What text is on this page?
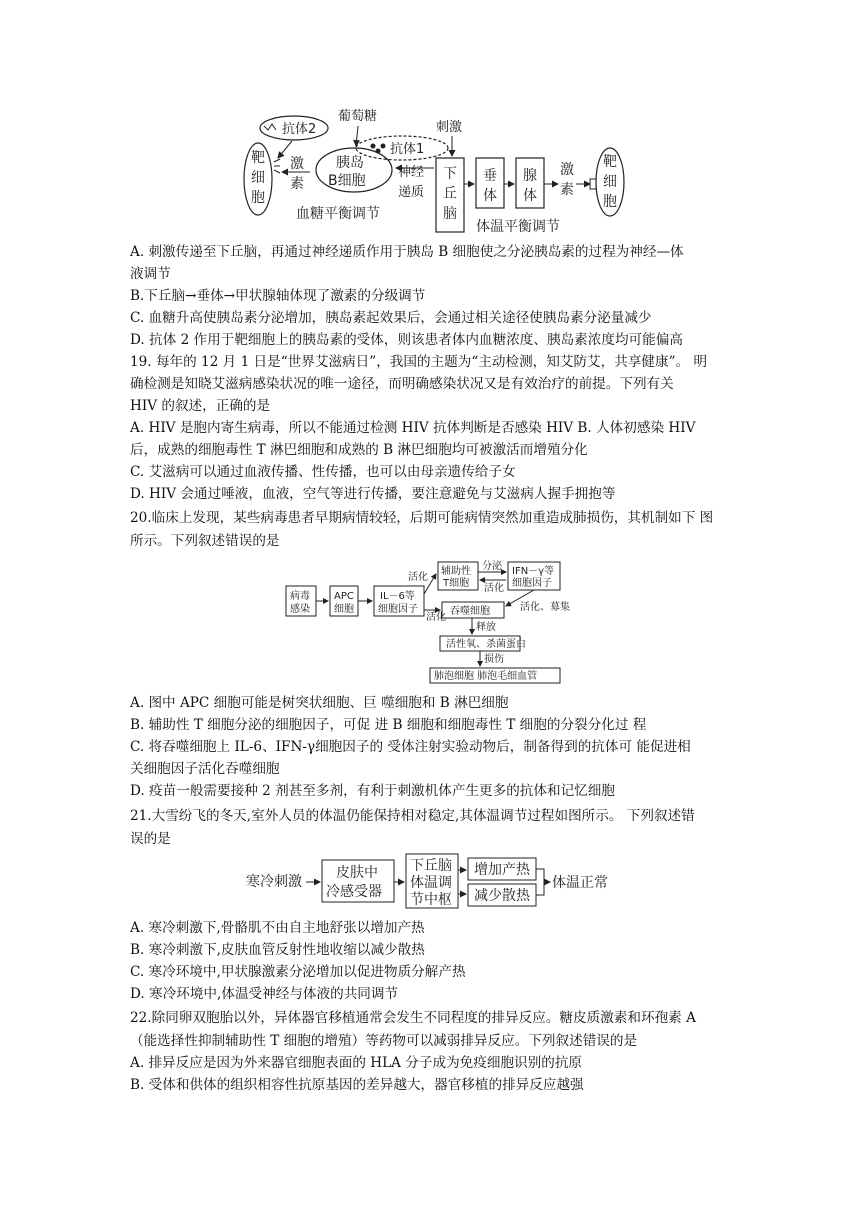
靶
细
胞
抗体2
激
素
胰岛
B细胞
葡萄糖
抗体1
刺激
神经
递质
下
丘
脑
垂
体
腺
体
激
素
靶
细
胞
血糖平衡调节
体温平衡调节
A. 刺激传递至下丘脑，再通过神经递质作用于胰岛 B 细胞使之分泌胰岛素的过程为神经—体
液调节
B.下丘脑→垂体→甲状腺轴体现了激素的分级调节
C. 血糖升高使胰岛素分泌增加，胰岛素起效果后，会通过相关途径使胰岛素分泌量减少
D. 抗体 2 作用于靶细胞上的胰岛素的受体，则该患者体内血糖浓度、胰岛素浓度均可能偏高
19. 每年的 12 月 1 日是“世界艾滋病日”，我国的主题为“主动检测，知艾防艾，共享健康”。 明
确检测是知晓艾滋病感染状况的唯一途径，而明确感染状况又是有效治疗的前提。下列有关
HIV 的叙述，正确的是
A. HIV 是胞内寄生病毒，所以不能通过检测 HIV 抗体判断是否感染 HIV B. 人体初感染 HIV
后，成熟的细胞毒性 T 淋巴细胞和成熟的 B 淋巴细胞均可被激活而增殖分化
C. 艾滋病可以通过血液传播、性传播，也可以由母亲遗传给子女
D. HIV 会通过唾液，血液，空气等进行传播，要注意避免与艾滋病人握手拥抱等
20.临床上发现，某些病毒患者早期病情较轻，后期可能病情突然加重造成肺损伤，其机制如下 图
所示。下列叙述错误的是
病毒
感染
APC
细胞
IL－6等
细胞因子
活化
辅助性
T细胞
分泌
活化
IFN－γ等
细胞因子
活化
吞噬细胞	活化、募集
释放
活性氧、杀菌蛋白
损伤
肺泡细胞 肺泡毛细血管
A. 图中 APC 细胞可能是树突状细胞、巨 噬细胞和 B 淋巴细胞
B. 辅助性 T 细胞分泌的细胞因子，可促 进 B 细胞和细胞毒性 T 细胞的分裂分化过 程
C. 将吞噬细胞上 IL-6、IFN-γ细胞因子的 受体注射实验动物后，制备得到的抗体可 能促进相
关细胞因子活化吞噬细胞
D. 疫苗一般需要接种 2 剂甚至多剂，有利于刺激机体产生更多的抗体和记忆细胞
21.大雪纷飞的冬天,室外人员的体温仍能保持相对稳定,其体温调节过程如图所示。 下列叙述错
误的是
寒冷刺激
皮肤中
冷感受器
下丘脑
体温调
节中枢
增加产热
减少散热
体温正常
A. 寒冷刺激下,骨骼肌不由自主地舒张以增加产热
B. 寒冷刺激下,皮肤血管反射性地收缩以减少散热
C. 寒冷环境中,甲状腺激素分泌增加以促进物质分解产热
D. 寒冷环境中,体温受神经与体液的共同调节
22.除同卵双胞胎以外，异体器官移植通常会发生不同程度的排异反应。糖皮质激素和环孢素 A
（能选择性抑制辅助性 T 细胞的增殖）等药物可以减弱排异反应。下列叙述错误的是
A. 排异反应是因为外来器官细胞表面的 HLA 分子成为免疫细胞识别的抗原
B. 受体和供体的组织相容性抗原基因的差异越大，器官移植的排异反应越强
